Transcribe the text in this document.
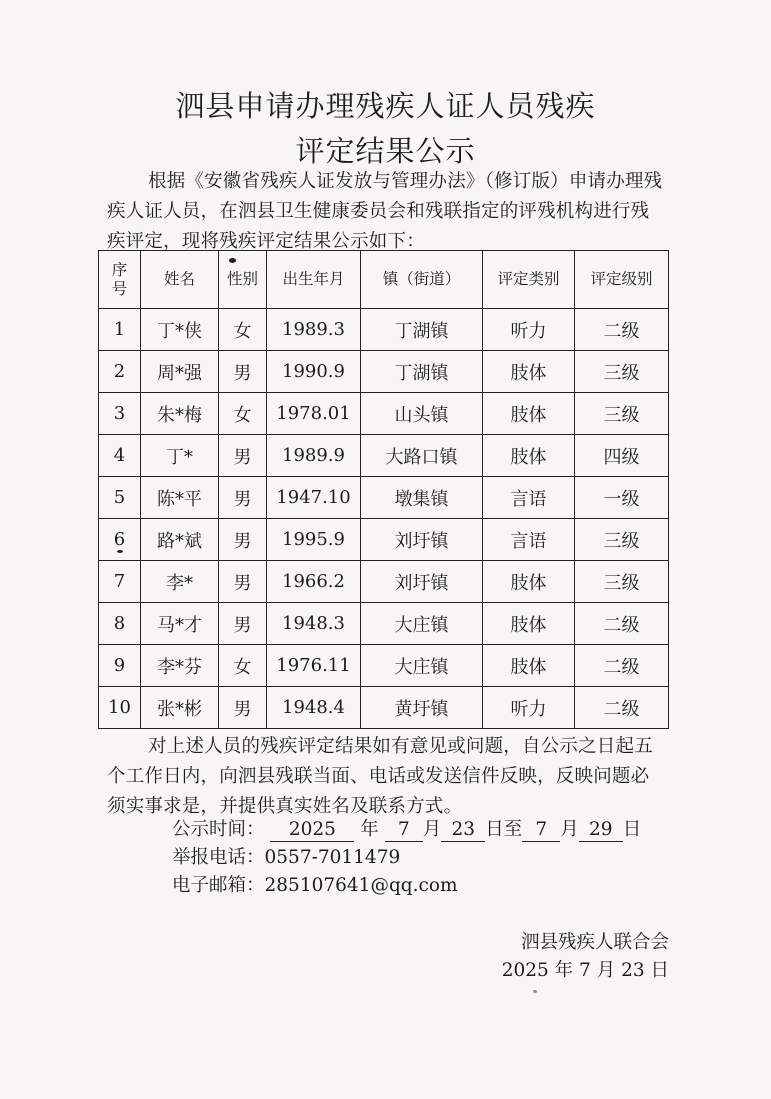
泗县申请办理残疾人证人员残疾
评定结果公示

根据《安徽省残疾人证发放与管理办法》（修订版）申请办理残疾人证人员，在泗县卫生健康委员会和残联指定的评残机构进行残疾评定，现将残疾评定结果公示如下：

序号	姓名	性别	出生年月	镇（街道）	评定类别	评定级别
1	丁*侠	女	1989.3	丁湖镇	听力	二级
2	周*强	男	1990.9	丁湖镇	肢体	三级
3	朱*梅	女	1978.01	山头镇	肢体	三级
4	丁*	男	1989.9	大路口镇	肢体	四级
5	陈*平	男	1947.10	墩集镇	言语	一级
6	路*斌	男	1995.9	刘圩镇	言语	三级
7	李*	男	1966.2	刘圩镇	肢体	三级
8	马*才	男	1948.3	大庄镇	肢体	二级
9	李*芬	女	1976.11	大庄镇	肢体	二级
10	张*彬	男	1948.4	黄圩镇	听力	二级

对上述人员的残疾评定结果如有意见或问题，自公示之日起五个工作日内，向泗县残联当面、电话或发送信件反映，反映问题必须实事求是，并提供真实姓名及联系方式。

公示时间： 2025 年 7 月 23 日至 7 月 29 日
举报电话：0557-7011479
电子邮箱：285107641@qq.com
泗县残疾人联合会
2025 年 7 月 23 日
